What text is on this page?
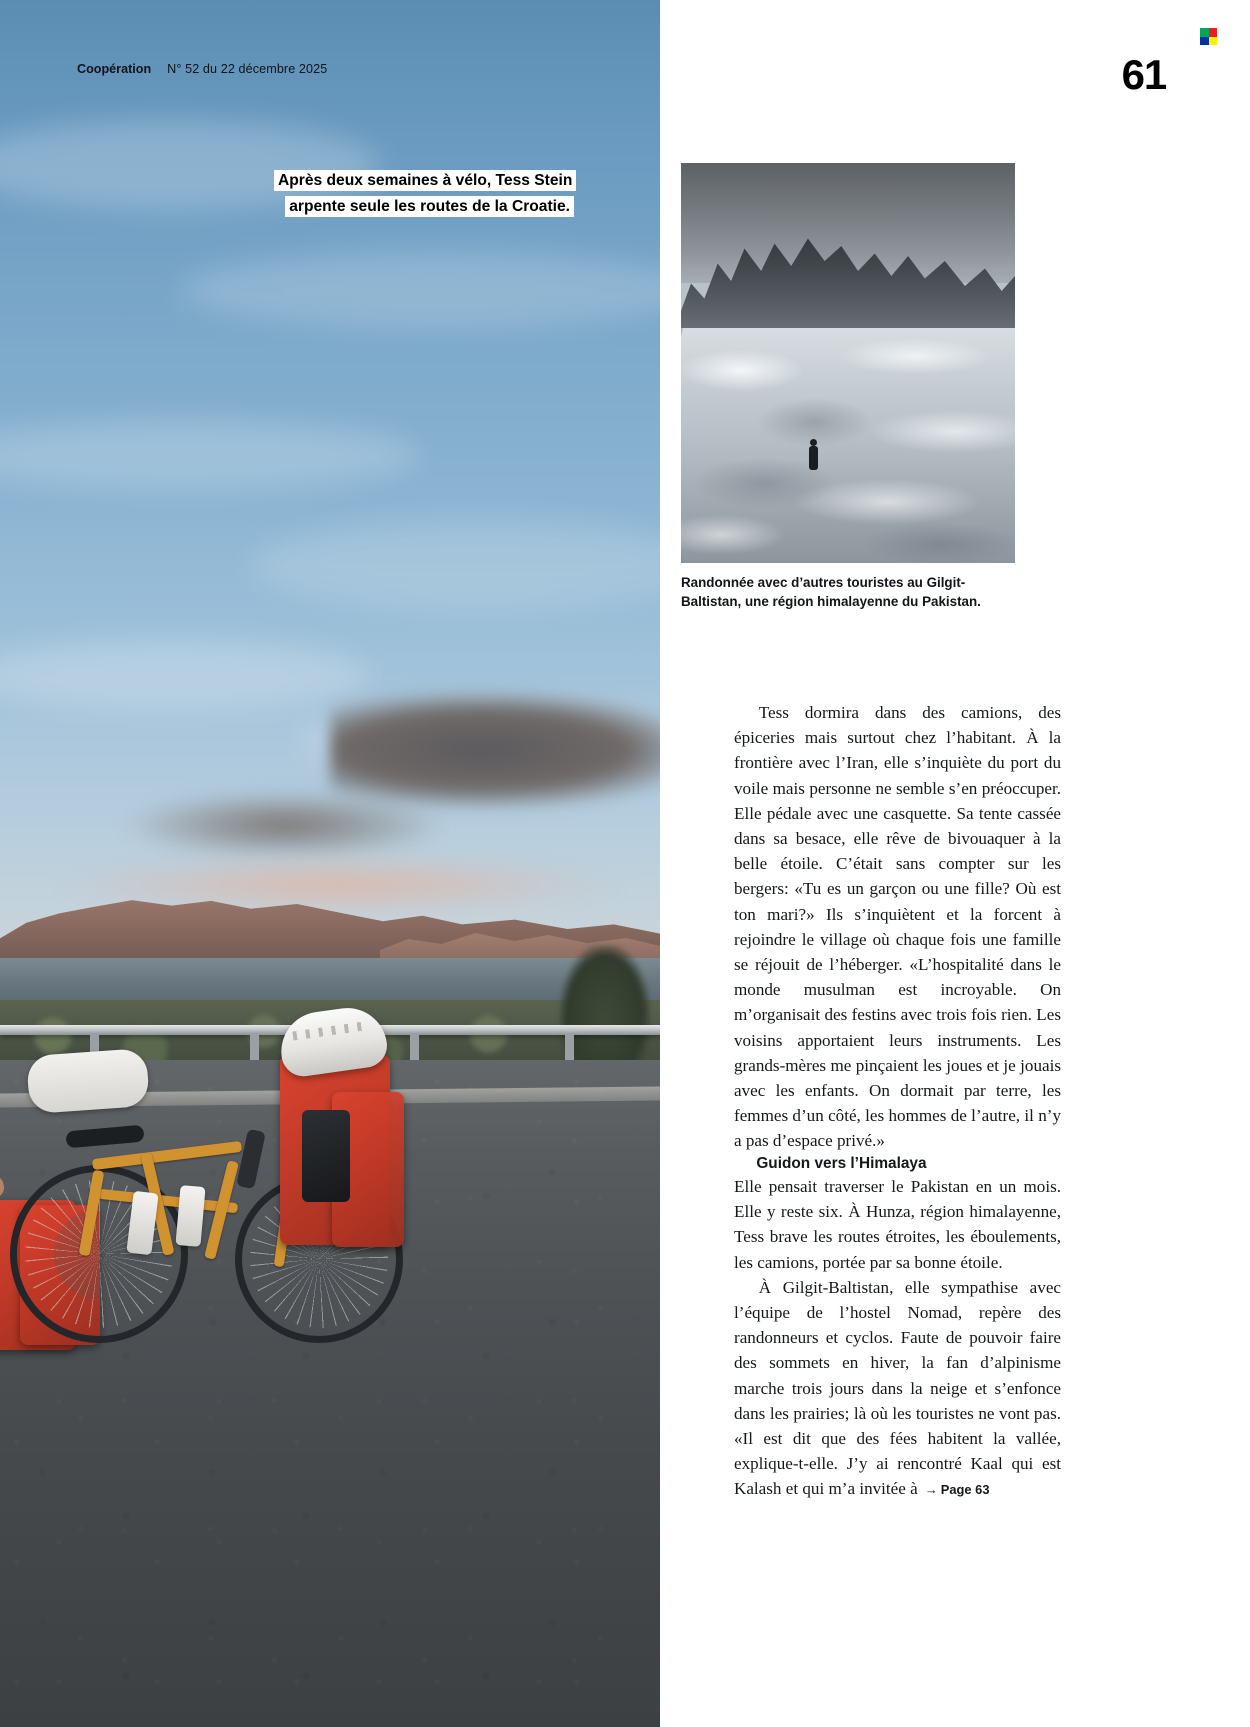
Après deux semaines à vélo, Tess Stein arpente seule les routes de la Croatie.
Coopération N° 52 du 22 décembre 2025	61
Randonnée avec d’autres touristes au Gilgit-Baltistan, une région himalayenne du Pakistan.

Tess dormira dans des camions, des épiceries mais surtout chez l’habitant. À la frontière avec l’Iran, elle s’inquiète du port du voile mais personne ne semble s’en préoccuper. Elle pédale avec une casquette. Sa tente cassée dans sa besace, elle rêve de bivouaquer à la belle étoile. C’était sans compter sur les bergers: «Tu es un garçon ou une fille? Où est ton mari?» Ils s’inquiètent et la forcent à rejoindre le village où chaque fois une famille se réjouit de l’héberger. «L’hospitalité dans le monde musulman est incroyable. On m’organisait des festins avec trois fois rien. Les voisins apportaient leurs instruments. Les grands-mères me pinçaient les joues et je jouais avec les enfants. On dormait par terre, les femmes d’un côté, les hommes de l’autre, il n’y a pas d’espace privé.»

Guidon vers l’Himalaya

Elle pensait traverser le Pakistan en un mois. Elle y reste six. À Hunza, région himalayenne, Tess brave les routes étroites, les éboulements, les camions, portée par sa bonne étoile.

À Gilgit-Baltistan, elle sympathise avec l’équipe de l’hostel Nomad, repère des randonneurs et cyclos. Faute de pouvoir faire des sommets en hiver, la fan d’alpinisme marche trois jours dans la neige et s’enfonce dans les prairies; là où les touristes ne vont pas. «Il est dit que des fées habitent la vallée, explique-t-elle. J’y ai rencontré Kaal qui est Kalash et qui m’a invitée à → Page 63
